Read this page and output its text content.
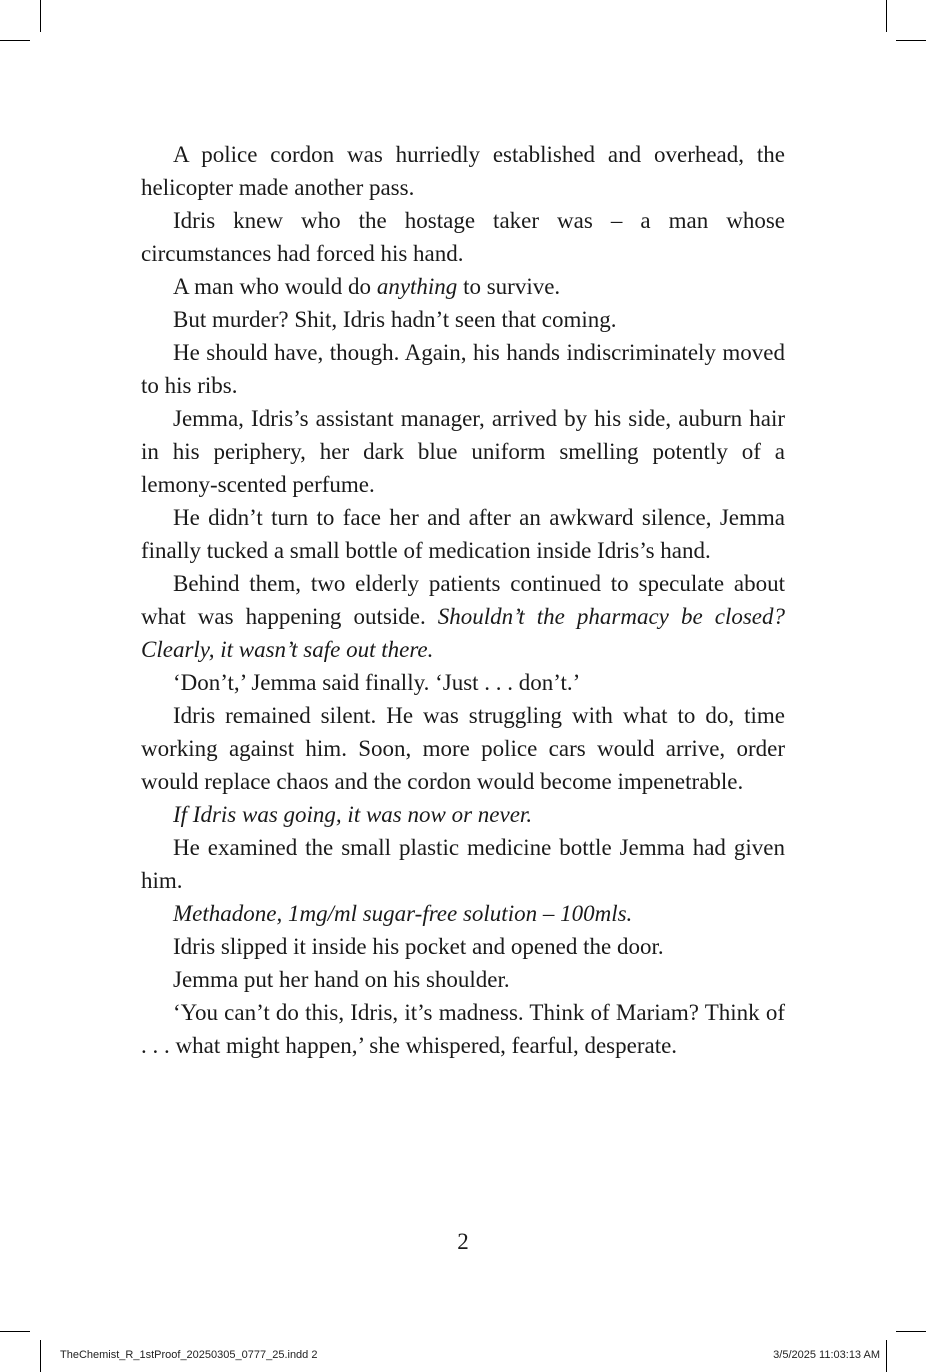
A police cordon was hurriedly established and overhead, the helicopter made another pass.

Idris knew who the hostage taker was – a man whose circumstances had forced his hand.

A man who would do anything to survive.

But murder? Shit, Idris hadn’t seen that coming.

He should have, though. Again, his hands indiscriminately moved to his ribs.

Jemma, Idris’s assistant manager, arrived by his side, auburn hair in his periphery, her dark blue uniform smelling potently of a lemony-scented perfume.

He didn’t turn to face her and after an awkward silence, Jemma finally tucked a small bottle of medication inside Idris’s hand.

Behind them, two elderly patients continued to speculate about what was happening outside. Shouldn’t the pharmacy be closed? Clearly, it wasn’t safe out there.

‘Don’t,’ Jemma said finally. ‘Just . . . don’t.’

Idris remained silent. He was struggling with what to do, time working against him. Soon, more police cars would arrive, order would replace chaos and the cordon would become impenetrable.

If Idris was going, it was now or never.

He examined the small plastic medicine bottle Jemma had given him.

Methadone, 1mg/ml sugar-free solution – 100mls.

Idris slipped it inside his pocket and opened the door.

Jemma put her hand on his shoulder.

‘You can’t do this, Idris, it’s madness. Think of Mariam? Think of . . . what might happen,’ she whispered, fearful, desperate.

2
TheChemist_R_1stProof_20250305_0777_25.indd 2	3/5/2025 11:03:13 AM
